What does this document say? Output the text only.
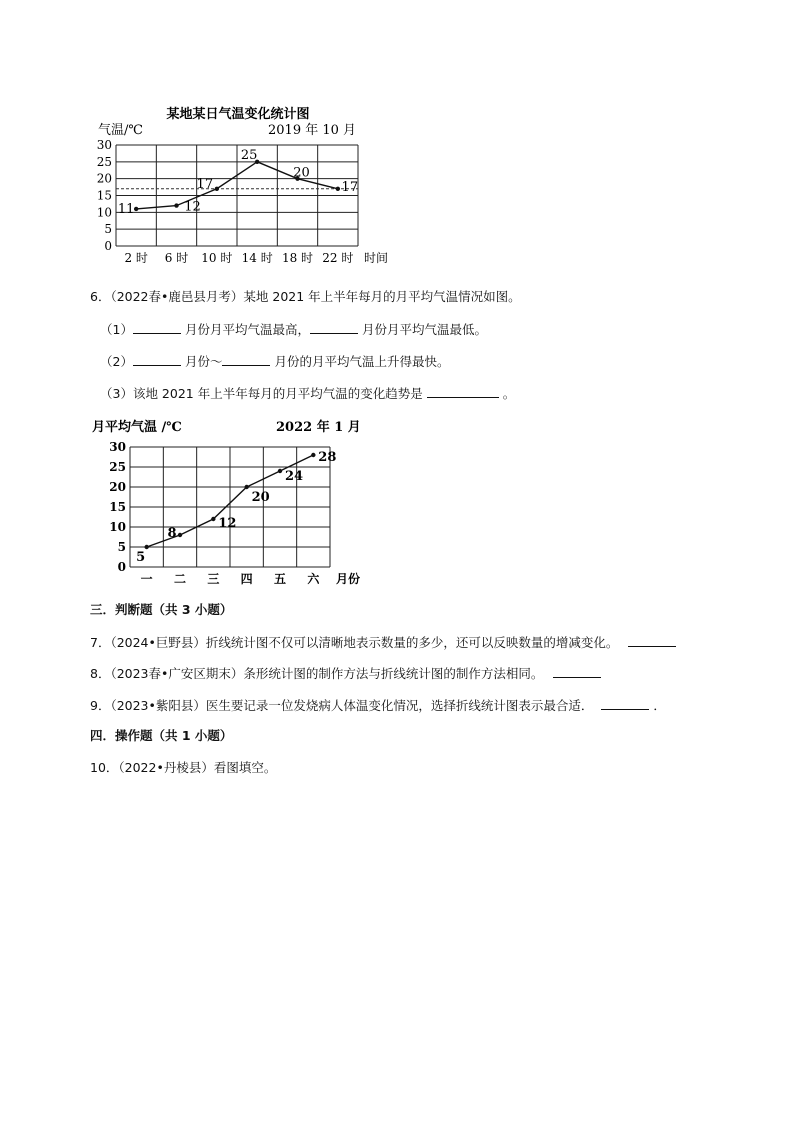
某地某日气温变化统计图
气温/℃	2019 年 10 月
0
5
10
15
20
25
30
2 时 6 时 10 时 14 时 18 时 22 时 时间
11	12
17
25
20
17
6．（2022春•鹿邑县月考）某地 2021 年上半年每月的月平均气温情况如图。
（1）	月份月平均气温最高，	月份月平均气温最低。
（2）	月份～	月份的月平均气温上升得最快。
（3）该地 2021 年上半年每月的月平均气温的变化趋势是	。
月平均气温 /℃	2022 年 1 月
0
5
10
15
20
25
30
一 二 三 四 五 六 月份
5
8
12
20
24
28
三．判断题（共 3 小题）
7．（2024•巨野县）折线统计图不仅可以清晰地表示数量的多少，还可以反映数量的增减变化。
8．（2023春•广安区期末）条形统计图的制作方法与折线统计图的制作方法相同。
9．（2023•紫阳县）医生要记录一位发烧病人体温变化情况，选择折线统计图表示最合适．	．
四．操作题（共 1 小题）
10．（2022•丹棱县）看图填空。
